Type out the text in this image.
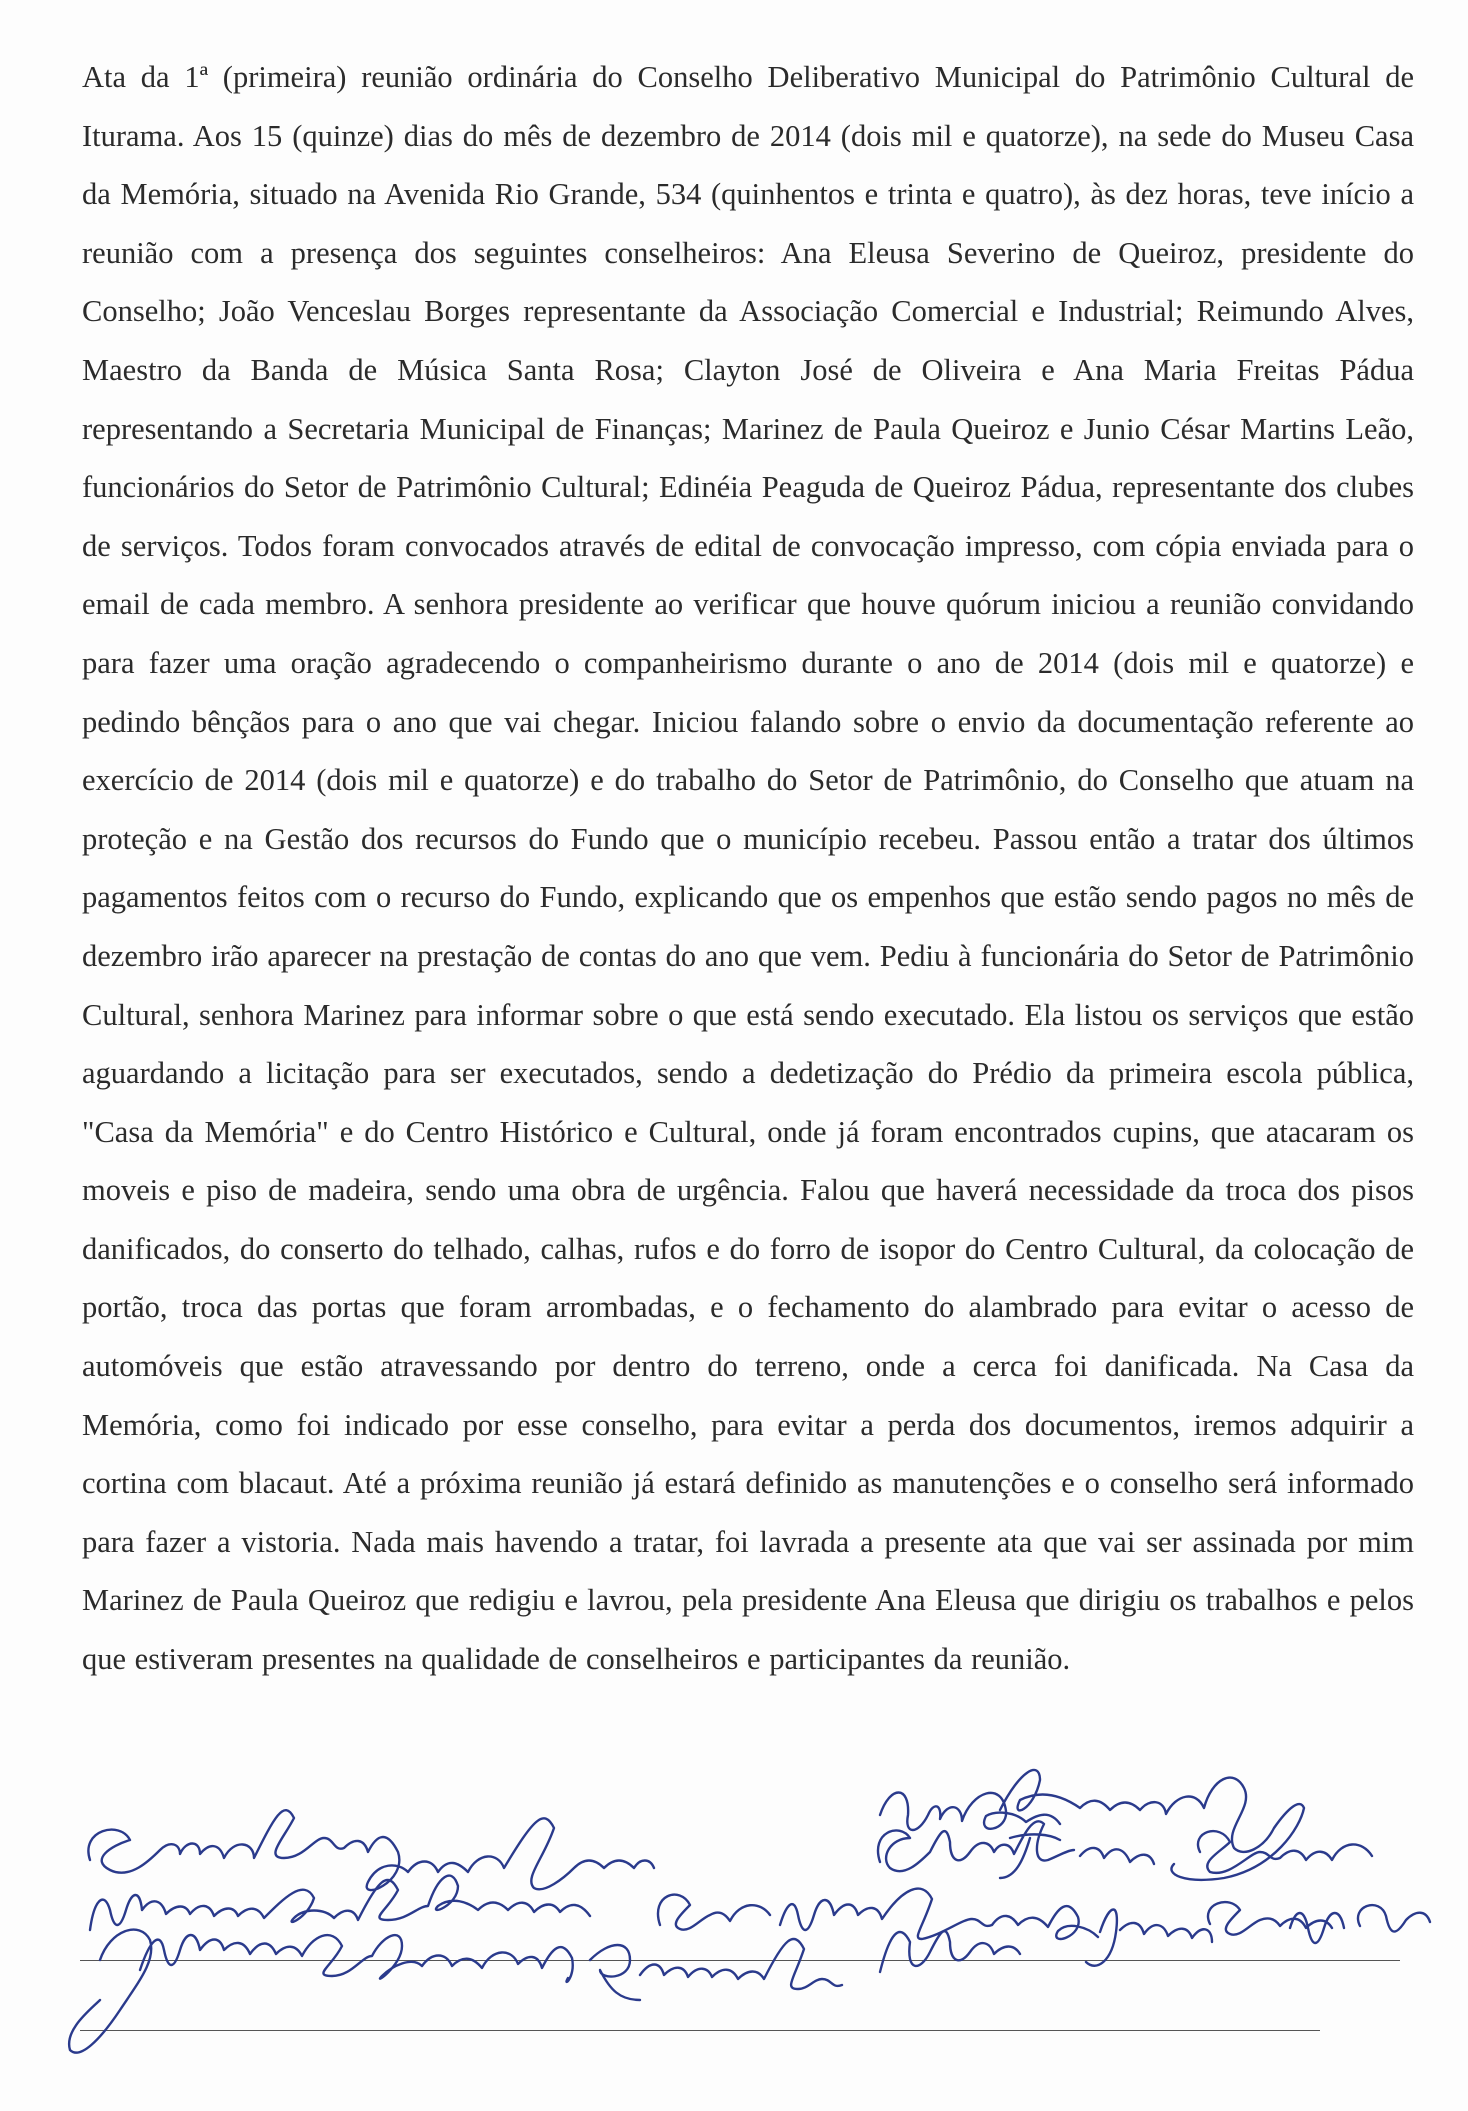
Ata da 1ª (primeira) reunião ordinária do Conselho Deliberativo Municipal do Patrimônio Cultural de Iturama. Aos 15 (quinze) dias do mês de dezembro de 2014 (dois mil e quatorze), na sede do Museu Casa da Memória, situado na Avenida Rio Grande, 534 (quinhentos e trinta e quatro), às dez horas, teve início a reunião com a presença dos seguintes conselheiros: Ana Eleusa Severino de Queiroz, presidente do Conselho; João Venceslau Borges representante da Associação Comercial e Industrial; Reimundo Alves, Maestro da Banda de Música Santa Rosa; Clayton José de Oliveira e Ana Maria Freitas Pádua representando a Secretaria Municipal de Finanças; Marinez de Paula Queiroz e Junio César Martins Leão, funcionários do Setor de Patrimônio Cultural; Edinéia Peaguda de Queiroz Pádua, representante dos clubes de serviços. Todos foram convocados através de edital de convocação impresso, com cópia enviada para o email de cada membro. A senhora presidente ao verificar que houve quórum iniciou a reunião convidando para fazer uma oração agradecendo o companheirismo durante o ano de 2014 (dois mil e quatorze) e pedindo bênçãos para o ano que vai chegar. Iniciou falando sobre o envio da documentação referente ao exercício de 2014 (dois mil e quatorze) e do trabalho do Setor de Patrimônio, do Conselho que atuam na proteção e na Gestão dos recursos do Fundo que o município recebeu. Passou então a tratar dos últimos pagamentos feitos com o recurso do Fundo, explicando que os empenhos que estão sendo pagos no mês de dezembro irão aparecer na prestação de contas do ano que vem. Pediu à funcionária do Setor de Patrimônio Cultural, senhora Marinez para informar sobre o que está sendo executado. Ela listou os serviços que estão aguardando a licitação para ser executados, sendo a dedetização do Prédio da primeira escola pública, "Casa da Memória" e do Centro Histórico e Cultural, onde já foram encontrados cupins, que atacaram os moveis e piso de madeira, sendo uma obra de urgência. Falou que haverá necessidade da troca dos pisos danificados, do conserto do telhado, calhas, rufos e do forro de isopor do Centro Cultural, da colocação de portão, troca das portas que foram arrombadas, e o fechamento do alambrado para evitar o acesso de automóveis que estão atravessando por dentro do terreno, onde a cerca foi danificada. Na Casa da Memória, como foi indicado por esse conselho, para evitar a perda dos documentos, iremos adquirir a cortina com blacaut. Até a próxima reunião já estará definido as manutenções e o conselho será informado para fazer a vistoria. Nada mais havendo a tratar, foi lavrada a presente ata que vai ser assinada por mim Marinez de Paula Queiroz que redigiu e lavrou, pela presidente Ana Eleusa que dirigiu os trabalhos e pelos que estiveram presentes na qualidade de conselheiros e participantes da reunião.
